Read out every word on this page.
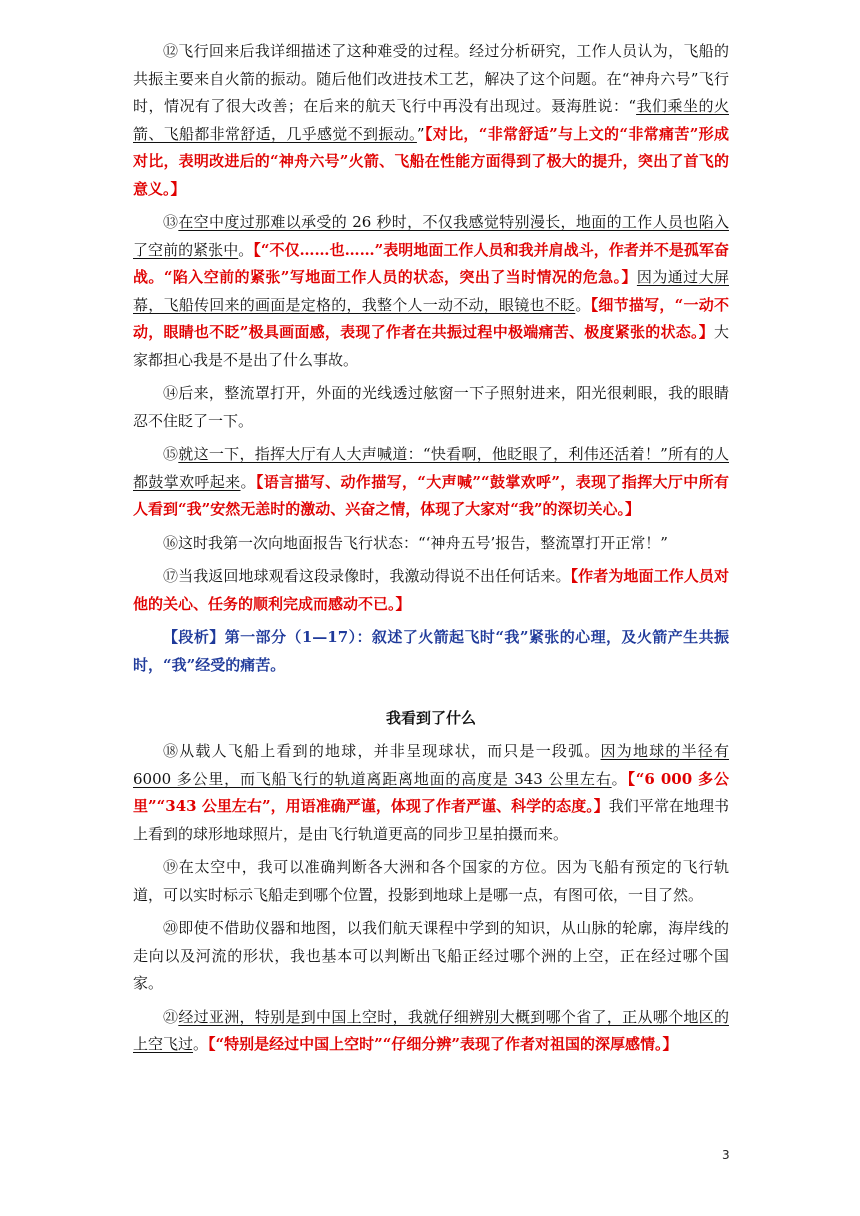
⑫飞行回来后我详细描述了这种难受的过程。经过分析研究，工作人员认为，飞船的共振主要来自火箭的振动。随后他们改进技术工艺，解决了这个问题。在“神舟六号”飞行时，情况有了很大改善；在后来的航天飞行中再没有出现过。聂海胜说：“我们乘坐的火箭、飞船都非常舒适，几乎感觉不到振动。”【对比，“非常舒适”与上文的“非常痛苦”形成对比，表明改进后的“神舟六号”火箭、飞船在性能方面得到了极大的提升，突出了首飞的意义。】

⑬在空中度过那难以承受的 26 秒时，不仅我感觉特别漫长，地面的工作人员也陷入了空前的紧张中。【“不仅……也……”表明地面工作人员和我并肩战斗，作者并不是孤军奋战。“陷入空前的紧张”写地面工作人员的状态，突出了当时情况的危急。】因为通过大屏幕，飞船传回来的画面是定格的，我整个人一动不动，眼镜也不眨。【细节描写，“一动不动，眼睛也不眨”极具画面感，表现了作者在共振过程中极端痛苦、极度紧张的状态。】大家都担心我是不是出了什么事故。

⑭后来，整流罩打开，外面的光线透过舷窗一下子照射进来，阳光很刺眼，我的眼睛忍不住眨了一下。

⑮就这一下，指挥大厅有人大声喊道：“快看啊，他眨眼了，利伟还活着！”所有的人都鼓掌欢呼起来。【语言描写、动作描写，“大声喊”“鼓掌欢呼”，表现了指挥大厅中所有人看到“我”安然无恙时的激动、兴奋之情，体现了大家对“我”的深切关心。】

⑯这时我第一次向地面报告飞行状态：“‘神舟五号’报告，整流罩打开正常！”

⑰当我返回地球观看这段录像时，我激动得说不出任何话来。【作者为地面工作人员对他的关心、任务的顺利完成而感动不已。】

【段析】第一部分（1—17）：叙述了火箭起飞时“我”紧张的心理，及火箭产生共振时，“我”经受的痛苦。

我看到了什么

⑱从载人飞船上看到的地球，并非呈现球状，而只是一段弧。因为地球的半径有 6000 多公里，而飞船飞行的轨道离距离地面的高度是 343 公里左右。【“6 000 多公里”“343 公里左右”，用语准确严谨，体现了作者严谨、科学的态度。】我们平常在地理书上看到的球形地球照片，是由飞行轨道更高的同步卫星拍摄而来。

⑲在太空中，我可以准确判断各大洲和各个国家的方位。因为飞船有预定的飞行轨道，可以实时标示飞船走到哪个位置，投影到地球上是哪一点，有图可依，一目了然。

⑳即使不借助仪器和地图，以我们航天课程中学到的知识，从山脉的轮廓，海岸线的走向以及河流的形状，我也基本可以判断出飞船正经过哪个洲的上空，正在经过哪个国家。

㉑经过亚洲，特别是到中国上空时，我就仔细辨别大概到哪个省了，正从哪个地区的上空飞过。【“特别是经过中国上空时”“仔细分辨”表现了作者对祖国的深厚感情。】

3
